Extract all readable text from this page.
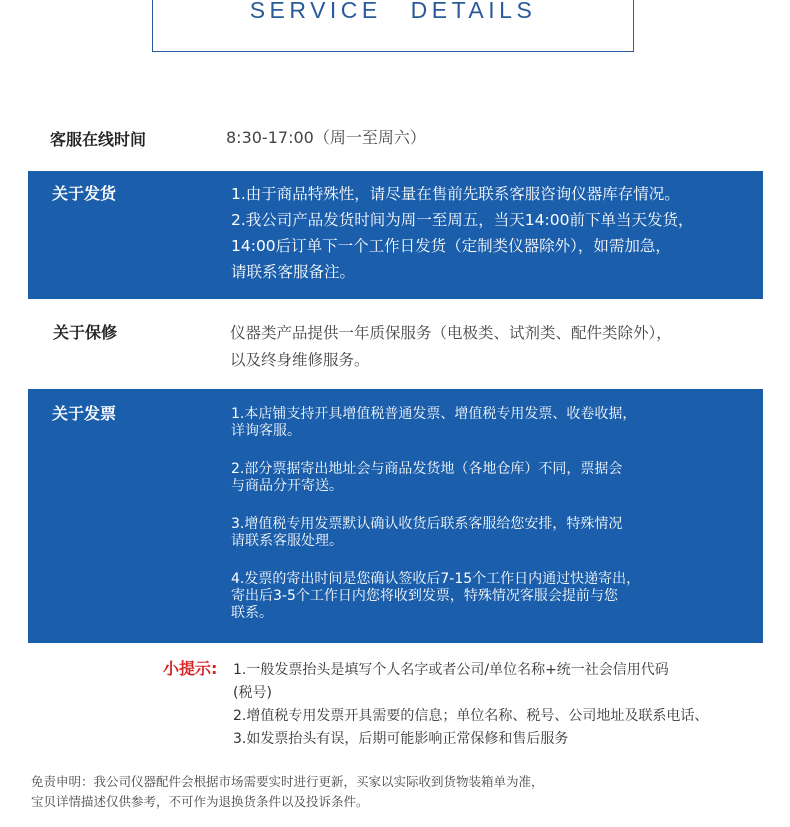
SERVICE DETAILS
客服在线时间	8:30-17:00（周一至周六）
关于发货	1.由于商品特殊性，请尽量在售前先联系客服咨询仪器库存情况。
2.我公司产品发货时间为周一至周五，当天14:00前下单当天发货，
14:00后订单下一个工作日发货（定制类仪器除外），如需加急，
请联系客服备注。
关于保修	仪器类产品提供一年质保服务（电极类、试剂类、配件类除外），
以及终身维修服务。
关于发票	1.本店铺支持开具增值税普通发票、增值税专用发票、收卷收据，
详询客服。
2.部分票据寄出地址会与商品发货地（各地仓库）不同，票据会
与商品分开寄送。
3.增值税专用发票默认确认收货后联系客服给您安排，特殊情况
请联系客服处理。
4.发票的寄出时间是您确认签收后7-15个工作日内通过快递寄出，
寄出后3-5个工作日内您将收到发票，特殊情况客服会提前与您
联系。
小提示: 1.一般发票抬头是填写个人名字或者公司/单位名称+统一社会信用代码
(税号)
2.增值税专用发票开具需要的信息；单位名称、税号、公司地址及联系电话、
3.如发票抬头有误，后期可能影响正常保修和售后服务
免责申明：我公司仪器配件会根据市场需要实时进行更新，买家以实际收到货物装箱单为准，
宝贝详情描述仅供参考，不可作为退换货条件以及投诉条件。
